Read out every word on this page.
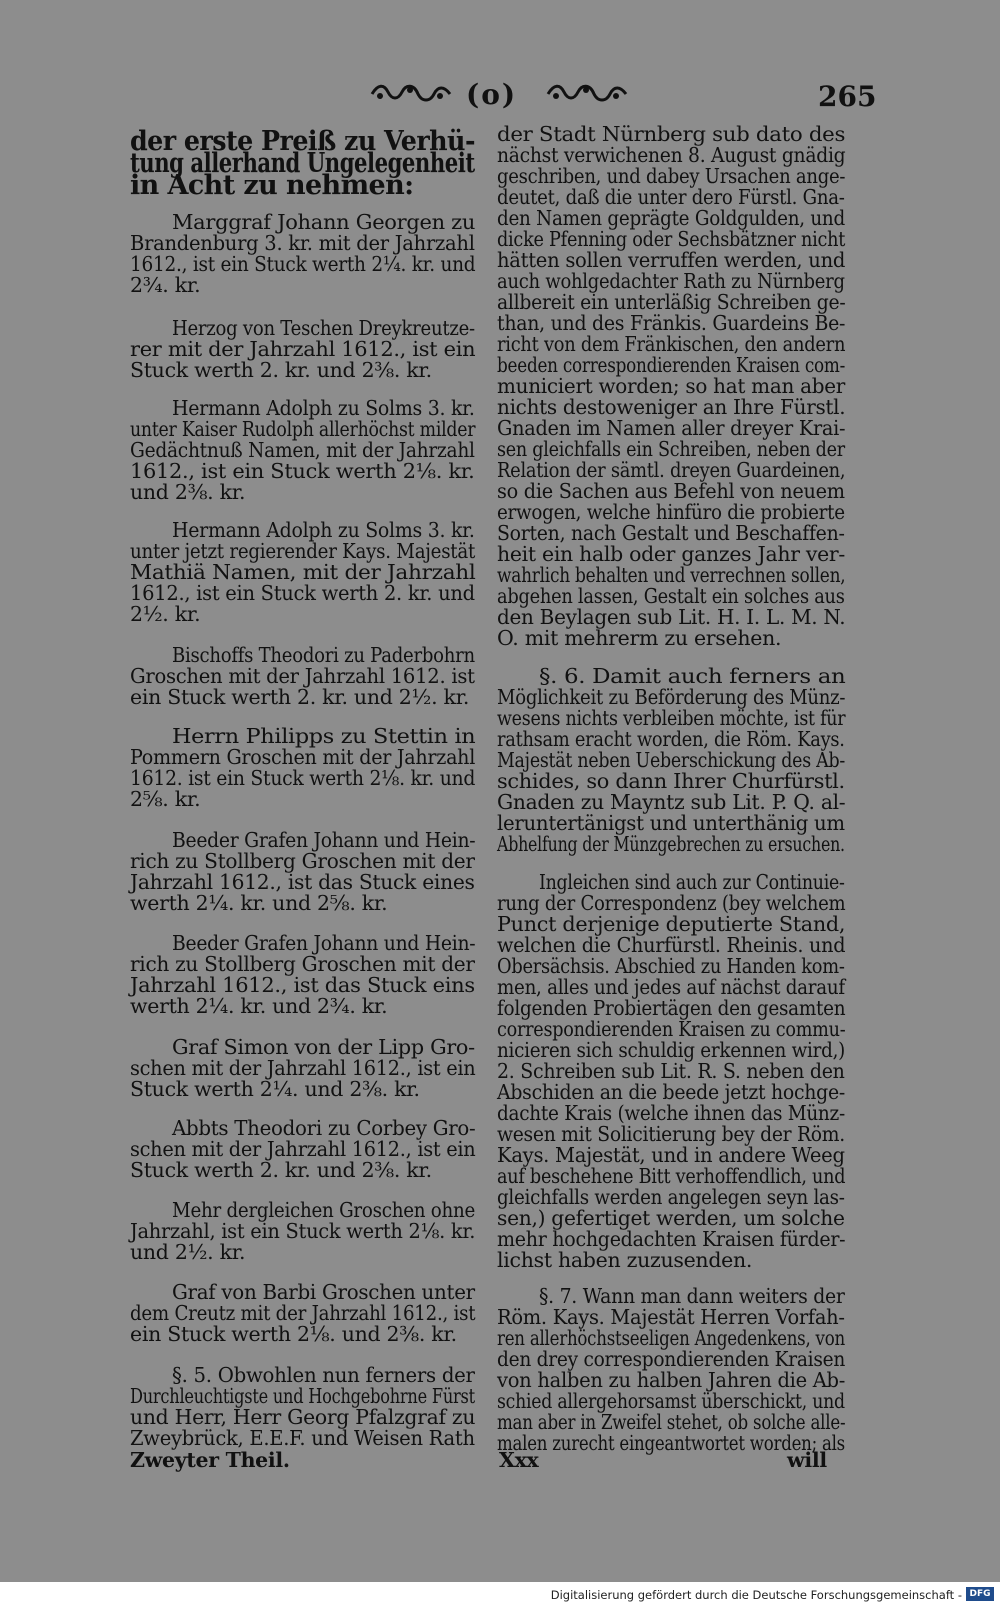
(o)	265
der erste Preiß zu Verhü-
tung allerhand Ungelegenheit
in Acht zu nehmen:
Marggraf Johann Georgen zu
Brandenburg 3. kr. mit der Jahrzahl
1612., ist ein Stuck werth 2¼. kr. und
2¾. kr.
Herzog von Teschen Dreykreutze-
rer mit der Jahrzahl 1612., ist ein
Stuck werth 2. kr. und 2⅜. kr.
Hermann Adolph zu Solms 3. kr.
unter Kaiser Rudolph allerhöchst milder
Gedächtnuß Namen, mit der Jahrzahl
1612., ist ein Stuck werth 2⅛. kr.
und 2⅜. kr.
Hermann Adolph zu Solms 3. kr.
unter jetzt regierender Kays. Majestät
Mathiä Namen, mit der Jahrzahl
1612., ist ein Stuck werth 2. kr. und
2½. kr.
Bischoffs Theodori zu Paderbohrn
Groschen mit der Jahrzahl 1612. ist
ein Stuck werth 2. kr. und 2½. kr.
Herrn Philipps zu Stettin in
Pommern Groschen mit der Jahrzahl
1612. ist ein Stuck werth 2⅛. kr. und
2⅝. kr.
Beeder Grafen Johann und Hein-
rich zu Stollberg Groschen mit der
Jahrzahl 1612., ist das Stuck eines
werth 2¼. kr. und 2⅝. kr.
Beeder Grafen Johann und Hein-
rich zu Stollberg Groschen mit der
Jahrzahl 1612., ist das Stuck eins
werth 2¼. kr. und 2¾. kr.
Graf Simon von der Lipp Gro-
schen mit der Jahrzahl 1612., ist ein
Stuck werth 2¼. und 2⅜. kr.
Abbts Theodori zu Corbey Gro-
schen mit der Jahrzahl 1612., ist ein
Stuck werth 2. kr. und 2⅜. kr.
Mehr dergleichen Groschen ohne
Jahrzahl, ist ein Stuck werth 2⅛. kr.
und 2½. kr.
Graf von Barbi Groschen unter
dem Creutz mit der Jahrzahl 1612., ist
ein Stuck werth 2⅛. und 2⅜. kr.
§. 5. Obwohlen nun ferners der
Durchleuchtigste und Hochgebohrne Fürst
und Herr, Herr Georg Pfalzgraf zu
Zweybrück, E.E.F. und Weisen Rath
Zweyter Theil.
der Stadt Nürnberg sub dato des
nächst verwichenen 8. August gnädig
geschriben, und dabey Ursachen ange-
deutet, daß die unter dero Fürstl. Gna-
den Namen geprägte Goldgulden, und
dicke Pfenning oder Sechsbätzner nicht
hätten sollen verruffen werden, und
auch wohlgedachter Rath zu Nürnberg
allbereit ein unterläßig Schreiben ge-
than, und des Fränkis. Guardeins Be-
richt von dem Fränkischen, den andern
beeden correspondierenden Kraisen com-
municiert worden; so hat man aber
nichts destoweniger an Ihre Fürstl.
Gnaden im Namen aller dreyer Krai-
sen gleichfalls ein Schreiben, neben der
Relation der sämtl. dreyen Guardeinen,
so die Sachen aus Befehl von neuem
erwogen, welche hinfüro die probierte
Sorten, nach Gestalt und Beschaffen-
heit ein halb oder ganzes Jahr ver-
wahrlich behalten und verrechnen sollen,
abgehen lassen, Gestalt ein solches aus
den Beylagen sub Lit. H. I. L. M. N.
O. mit mehrerm zu ersehen.
§. 6. Damit auch ferners an
Möglichkeit zu Beförderung des Münz-
wesens nichts verbleiben möchte, ist für
rathsam eracht worden, die Röm. Kays.
Majestät neben Ueberschickung des Ab-
schides, so dann Ihrer Churfürstl.
Gnaden zu Mayntz sub Lit. P. Q. al-
leruntertänigst und unterthänig um
Abhelfung der Münzgebrechen zu ersuchen.
Ingleichen sind auch zur Continuie-
rung der Correspondenz (bey welchem
Punct derjenige deputierte Stand,
welchen die Churfürstl. Rheinis. und
Obersächsis. Abschied zu Handen kom-
men, alles und jedes auf nächst darauf
folgenden Probiertägen den gesamten
correspondierenden Kraisen zu commu-
nicieren sich schuldig erkennen wird,)
2. Schreiben sub Lit. R. S. neben den
Abschiden an die beede jetzt hochge-
dachte Krais (welche ihnen das Münz-
wesen mit Solicitierung bey der Röm.
Kays. Majestät, und in andere Weeg
auf beschehene Bitt verhoffendlich, und
gleichfalls werden angelegen seyn las-
sen,) gefertiget werden, um solche
mehr hochgedachten Kraisen fürder-
lichst haben zuzusenden.
§. 7. Wann man dann weiters der
Röm. Kays. Majestät Herren Vorfah-
ren allerhöchstseeligen Angedenkens, von
den drey correspondierenden Kraisen
von halben zu halben Jahren die Ab-
schied allergehorsamst überschickt, und
man aber in Zweifel stehet, ob solche alle-
malen zurecht eingeantwortet worden; als
Xxx	will
Digitalisierung gefördert durch die Deutsche Forschungsgemeinschaft - DFG
